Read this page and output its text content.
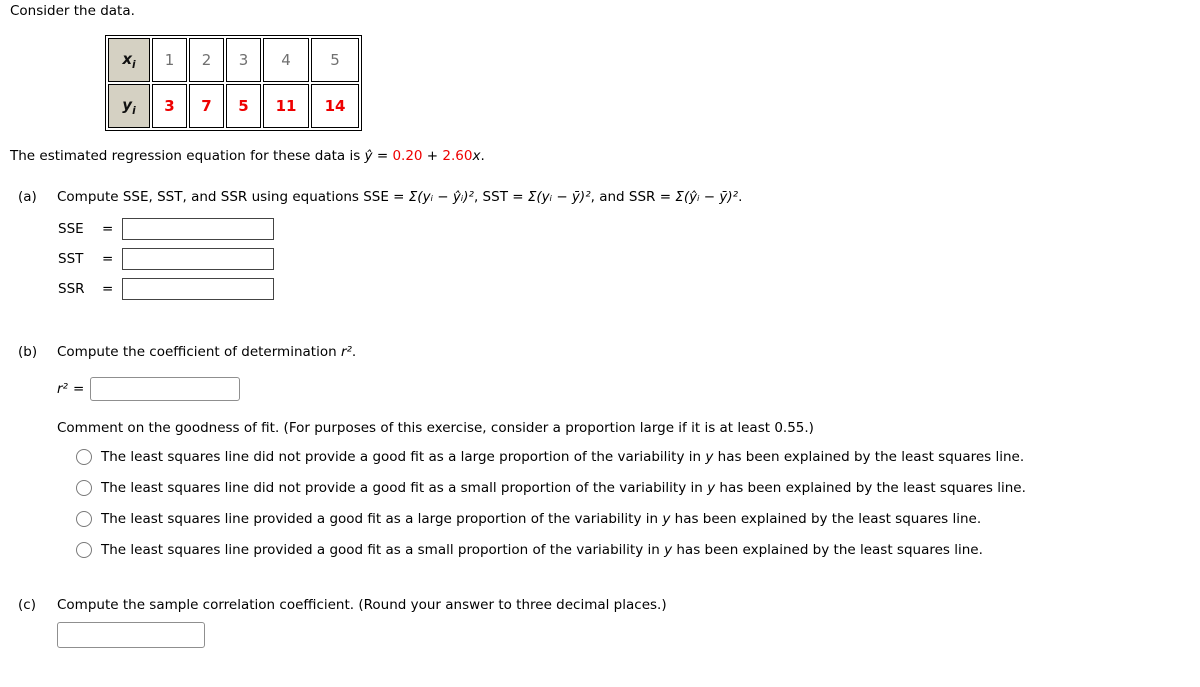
Consider the data.
$x_i$	1	2	3	4	5
$y_i$	3	7	5	11	14
The estimated regression equation for these data is ŷ = 0.20 + 2.60x.
(a)	Compute SSE, SST, and SSR using equations SSE = Σ(yᵢ − ŷᵢ)², SST = Σ(yᵢ − ȳ)², and SSR = Σ(ŷᵢ − ȳ)².
SSE	=
SST	=
SSR	=
(b)	Compute the coefficient of determination r².
r² =
Comment on the goodness of fit. (For purposes of this exercise, consider a proportion large if it is at least 0.55.)
The least squares line did not provide a good fit as a large proportion of the variability in y has been explained by the least squares line.
The least squares line did not provide a good fit as a small proportion of the variability in y has been explained by the least squares line.
The least squares line provided a good fit as a large proportion of the variability in y has been explained by the least squares line.
The least squares line provided a good fit as a small proportion of the variability in y has been explained by the least squares line.
(c)	Compute the sample correlation coefficient. (Round your answer to three decimal places.)
